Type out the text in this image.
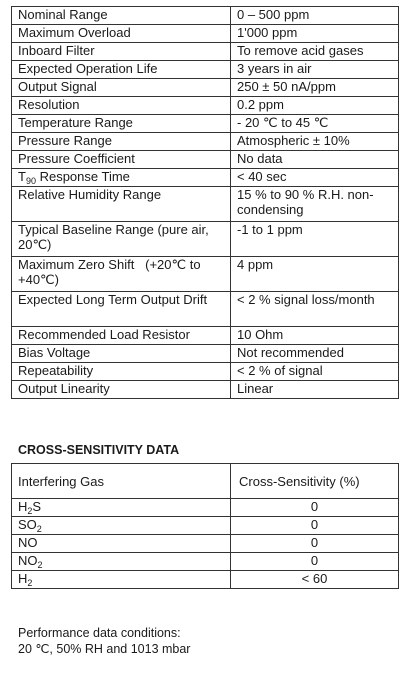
Nominal Range	0 – 500 ppm
Maximum Overload	1'000 ppm
Inboard Filter	To remove acid gases
Expected Operation Life	3 years in air
Output Signal	250 ± 50 nA/ppm
Resolution	0.2 ppm
Temperature Range	- 20 ℃ to 45 ℃
Pressure Range	Atmospheric ± 10%
Pressure Coefficient	No data
$T_{90}$ Response Time	< 40 sec
Relative Humidity Range	15 % to 90 % R.H. non-condensing
Typical Baseline Range (pure air, 20℃)	-1 to 1 ppm
Maximum Zero Shift   (+20℃ to +40℃)	4 ppm
Expected Long Term Output Drift	< 2 % signal loss/month
Recommended Load Resistor	10 Ohm
Bias Voltage	Not recommended
Repeatability	< 2 % of signal
Output Linearity	Linear
CROSS-SENSITIVITY DATA
Interfering Gas	Cross-Sensitivity (%)
$H_2S$	0
$SO_2$	0
NO	0
$NO_2$	0
$H_2$	< 60
Performance data conditions:
20 ℃, 50% RH and 1013 mbar
